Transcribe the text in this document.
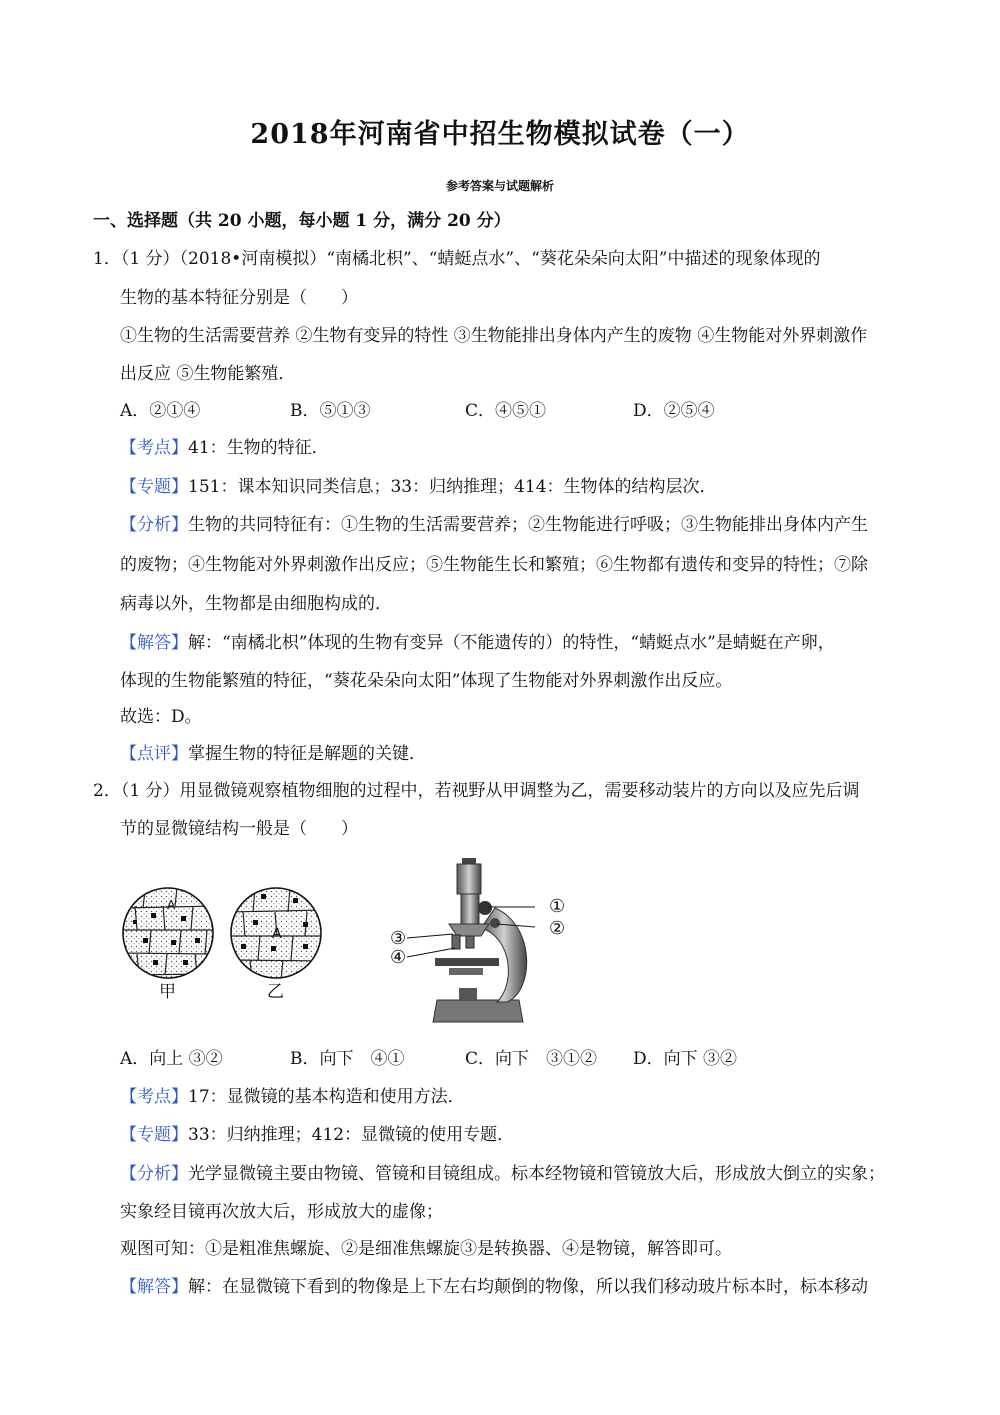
2018年河南省中招生物模拟试卷（一）
参考答案与试题解析
一、选择题（共 20 小题，每小题 1 分，满分 20 分）
1．（1 分）（2018•河南模拟）“南橘北枳”、“蜻蜓点水”、“葵花朵朵向太阳”中描述的现象体现的
生物的基本特征分别是（　　）
①生物的生活需要营养 ②生物有变异的特性 ③生物能排出身体内产生的废物 ④生物能对外界刺激作
出反应 ⑤生物能繁殖．
A．②①④	B．⑤①③	C．④⑤①	D．②⑤④
【考点】41：生物的特征．
【专题】151：课本知识同类信息；33：归纳推理；414：生物体的结构层次．
【分析】生物的共同特征有：①生物的生活需要营养；②生物能进行呼吸；③生物能排出身体内产生
的废物；④生物能对外界刺激作出反应；⑤生物能生长和繁殖；⑥生物都有遗传和变异的特性；⑦除
病毒以外，生物都是由细胞构成的．
【解答】解：“南橘北枳”体现的生物有变异（不能遗传的）的特性，“蜻蜓点水”是蜻蜓在产卵，
体现的生物能繁殖的特征，“葵花朵朵向太阳”体现了生物能对外界刺激作出反应。
故选：D。
【点评】掌握生物的特征是解题的关键．
2．（1 分）用显微镜观察植物细胞的过程中，若视野从甲调整为乙，需要移动装片的方向以及应先后调
节的显微镜结构一般是（　　）
A
A
甲	乙
①
②
③
④
A．向上 ③②	B．向下　④①	C．向下　③①② D．向下 ③②
【考点】17：显微镜的基本构造和使用方法．
【专题】33：归纳推理；412：显微镜的使用专题．
【分析】光学显微镜主要由物镜、管镜和目镜组成。标本经物镜和管镜放大后，形成放大倒立的实象；
实象经目镜再次放大后，形成放大的虚像；
观图可知：①是粗准焦螺旋、②是细准焦螺旋③是转换器、④是物镜，解答即可。
【解答】解：在显微镜下看到的物像是上下左右均颠倒的物像，所以我们移动玻片标本时，标本移动
